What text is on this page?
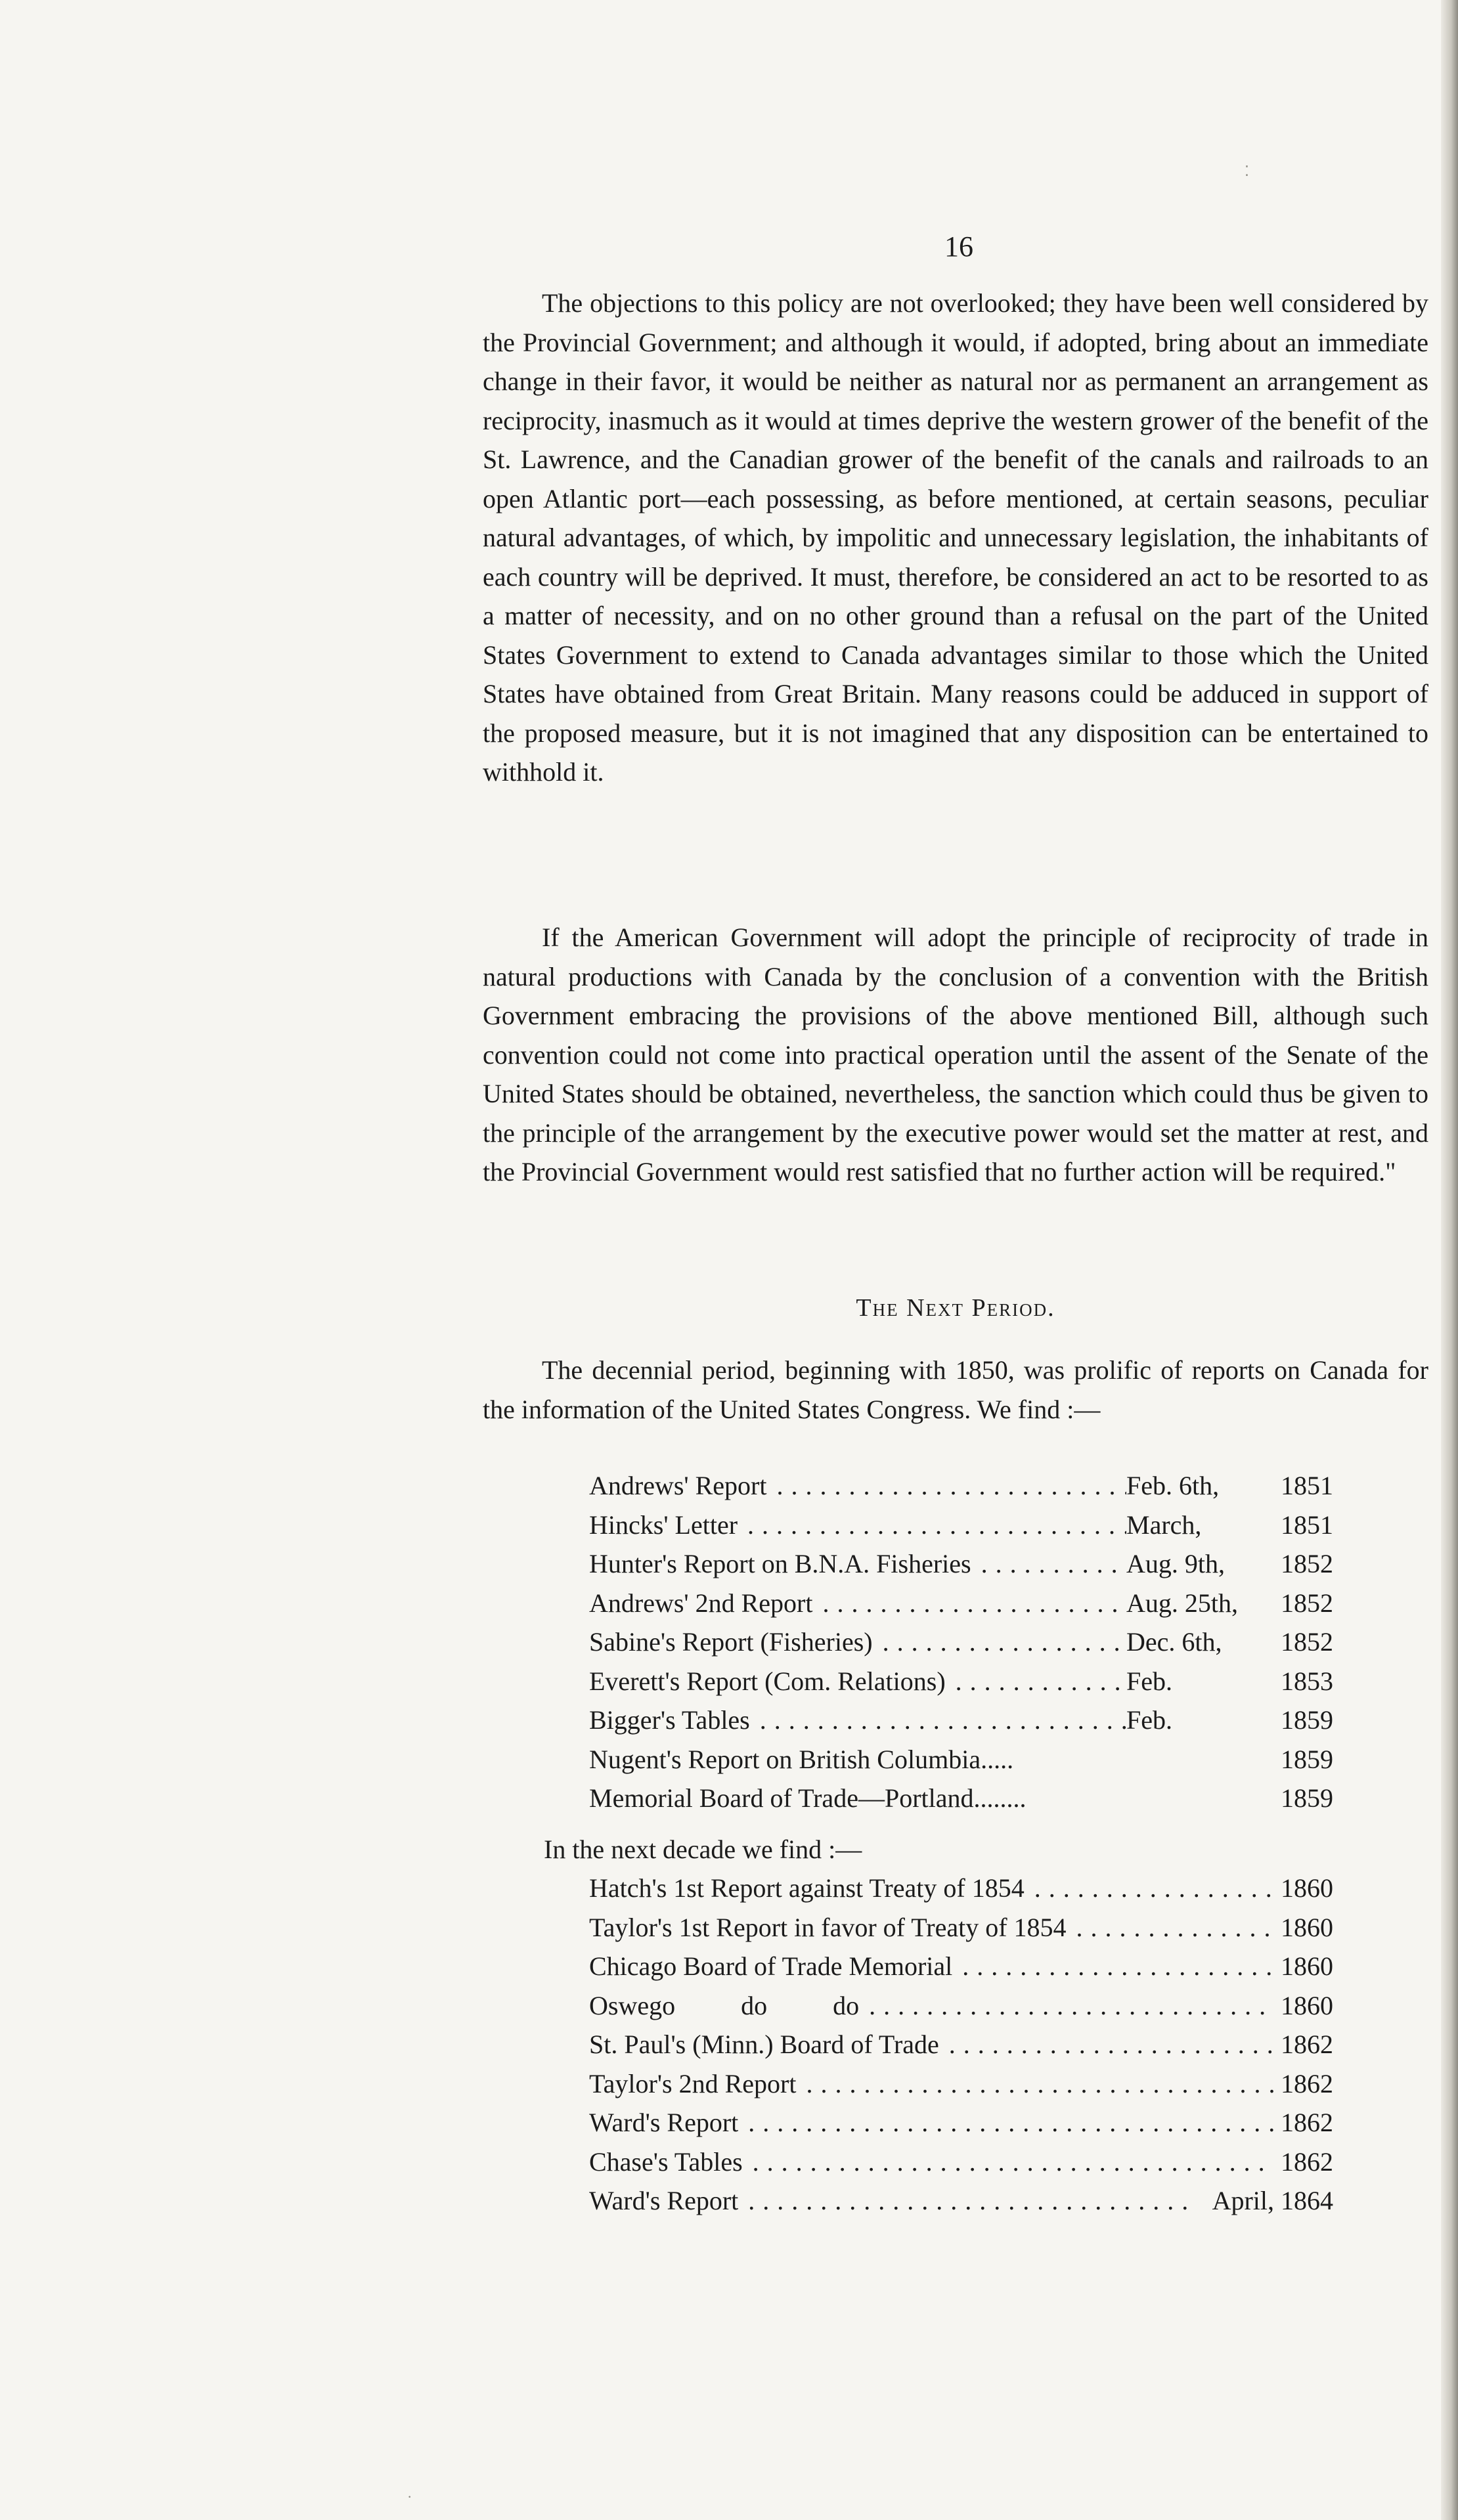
⁚
·
16

The objections to this policy are not overlooked; they have been well considered by the Provincial Government; and although it would, if adopted, bring about an immediate change in their favor, it would be neither as natural nor as permanent an arrangement as reciprocity, inasmuch as it would at times deprive the western grower of the benefit of the St. Lawrence, and the Canadian grower of the benefit of the canals and railroads to an open Atlantic port—each possessing, as before mentioned, at certain seasons, peculiar natural advantages, of which, by impolitic and unnecessary legislation, the inhabitants of each country will be deprived. It must, therefore, be considered an act to be resorted to as a matter of necessity, and on no other ground than a refusal on the part of the United States Government to extend to Canada advantages similar to those which the United States have obtained from Great Britain. Many reasons could be adduced in support of the proposed measure, but it is not imagined that any disposition can be entertained to withhold it.

If the American Government will adopt the principle of reciprocity of trade in natural productions with Canada by the conclusion of a convention with the British Government embracing the provisions of the above mentioned Bill, although such convention could not come into practical operation until the assent of the Senate of the United States should be obtained, nevertheless, the sanction which could thus be given to the principle of the arrangement by the executive power would set the matter at rest, and the Provincial Government would rest satisfied that no further action will be required."

The Next Period.

The decennial period, beginning with 1850, was prolific of reports on Canada for the information of the United States Congress. We find :—

Andrews' Report . . .	Feb. 6th,	1851
Hincks' Letter . . .	March,	1851
Hunter's Report on B.N.A. Fisheries . . .	Aug. 9th,	1852
Andrews' 2nd Report . . .	Aug. 25th,	1852
Sabine's Report (Fisheries) . . .	Dec. 6th,	1852
Everett's Report (Com. Relations) . . .	Feb.	1853
Bigger's Tables . . .	Feb.	1859
Nugent's Report on British Columbia.....	1859
Memorial Board of Trade—Portland........	1859
In the next decade we find :—
Hatch's 1st Report against Treaty of 1854 . . .	1860
Taylor's 1st Report in favor of Treaty of 1854 . . .	1860
Chicago Board of Trade Memorial . . .	1860
Oswego          do          do . . .	1860
St. Paul's (Minn.) Board of Trade . . .	1862
Taylor's 2nd Report . . .	1862
Ward's Report . . .	1862
Chase's Tables . . .	1862
Ward's Report . . .	April, 1864
